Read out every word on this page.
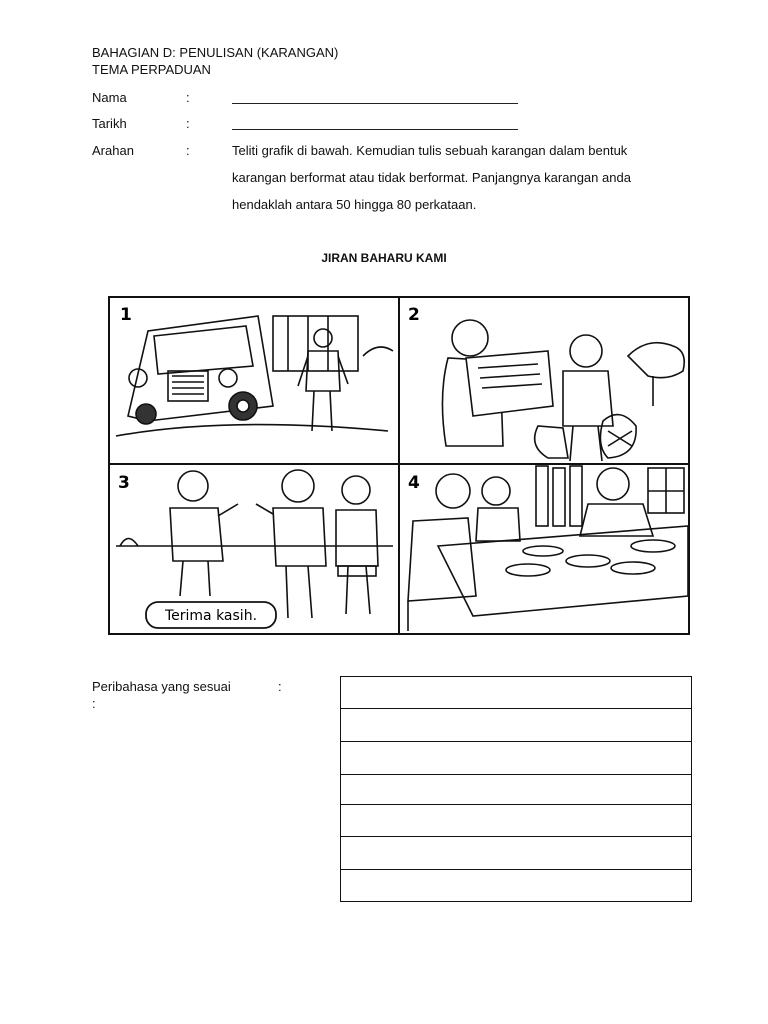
BAHAGIAN D: PENULISAN (KARANGAN)
TEMA PERPADUAN
Nama	:
Tarikh	:
Arahan	:	Teliti grafik di bawah. Kemudian tulis sebuah karangan dalam bentuk
karangan berformat atau tidak berformat. Panjangnya karangan anda
hendaklah antara 50 hingga 80 perkataan.
JIRAN BAHARU KAMI
1	2
Terima kasih.
3	4
Peribahasa yang sesuai	:
:
